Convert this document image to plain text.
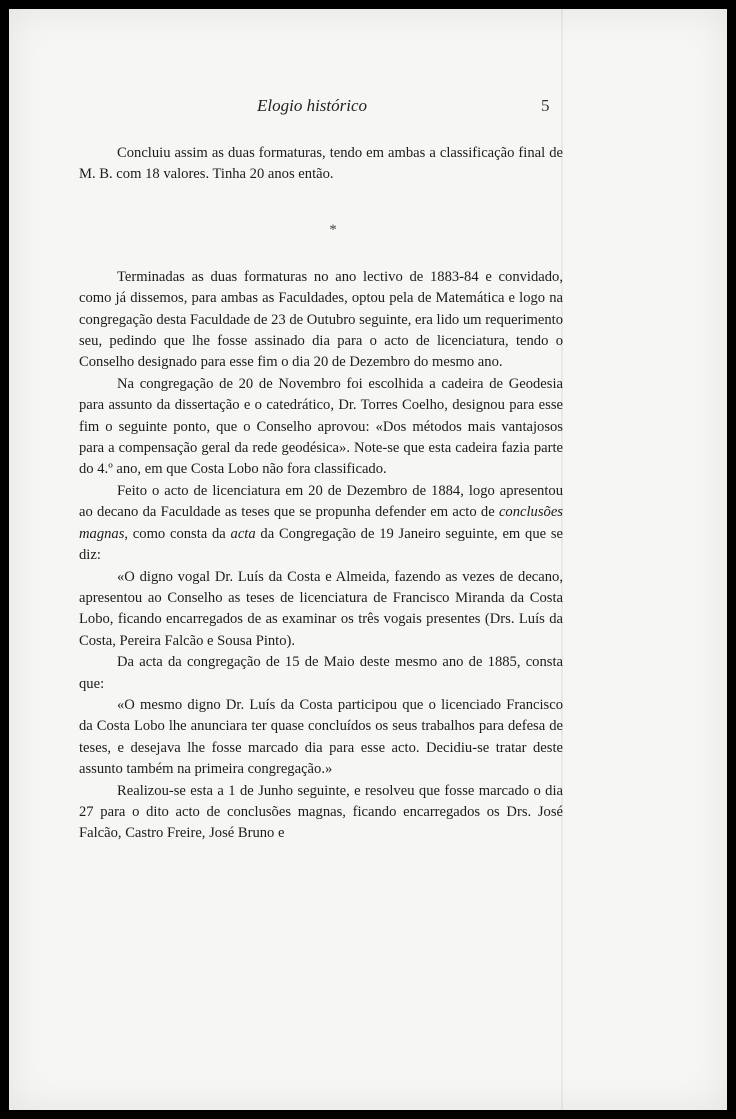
Elogio histórico	5

Concluiu assim as duas formaturas, tendo em ambas a classificação final de M. B. com 18 valores. Tinha 20 anos então.

*

Terminadas as duas formaturas no ano lectivo de 1883-84 e convidado, como já dissemos, para ambas as Faculdades, optou pela de Matemática e logo na congregação desta Faculdade de 23 de Outubro seguinte, era lido um requerimento seu, pedindo que lhe fosse assinado dia para o acto de licenciatura, tendo o Conselho designado para esse fim o dia 20 de Dezembro do mesmo ano.

Na congregação de 20 de Novembro foi escolhida a cadeira de Geodesia para assunto da dissertação e o catedrático, Dr. Torres Coelho, designou para esse fim o seguinte ponto, que o Conselho aprovou: «Dos métodos mais vantajosos para a compensação geral da rede geodésica». Note-se que esta cadeira fazia parte do 4.º ano, em que Costa Lobo não fora classificado.

Feito o acto de licenciatura em 20 de Dezembro de 1884, logo apresentou ao decano da Faculdade as teses que se propunha defender em acto de conclusões magnas, como consta da acta da Congregação de 19 Janeiro seguinte, em que se diz:

«O digno vogal Dr. Luís da Costa e Almeida, fazendo as vezes de decano, apresentou ao Conselho as teses de licenciatura de Francisco Miranda da Costa Lobo, ficando encarregados de as examinar os três vogais presentes (Drs. Luís da Costa, Pereira Falcão e Sousa Pinto).

Da acta da congregação de 15 de Maio deste mesmo ano de 1885, consta que:

«O mesmo digno Dr. Luís da Costa participou que o licenciado Francisco da Costa Lobo lhe anunciara ter quase concluídos os seus trabalhos para defesa de teses, e desejava lhe fosse marcado dia para esse acto. Decidiu-se tratar deste assunto também na primeira congregação.»

Realizou-se esta a 1 de Junho seguinte, e resolveu que fosse marcado o dia 27 para o dito acto de conclusões magnas, ficando encarregados os Drs. José Falcão, Castro Freire, José Bruno e
